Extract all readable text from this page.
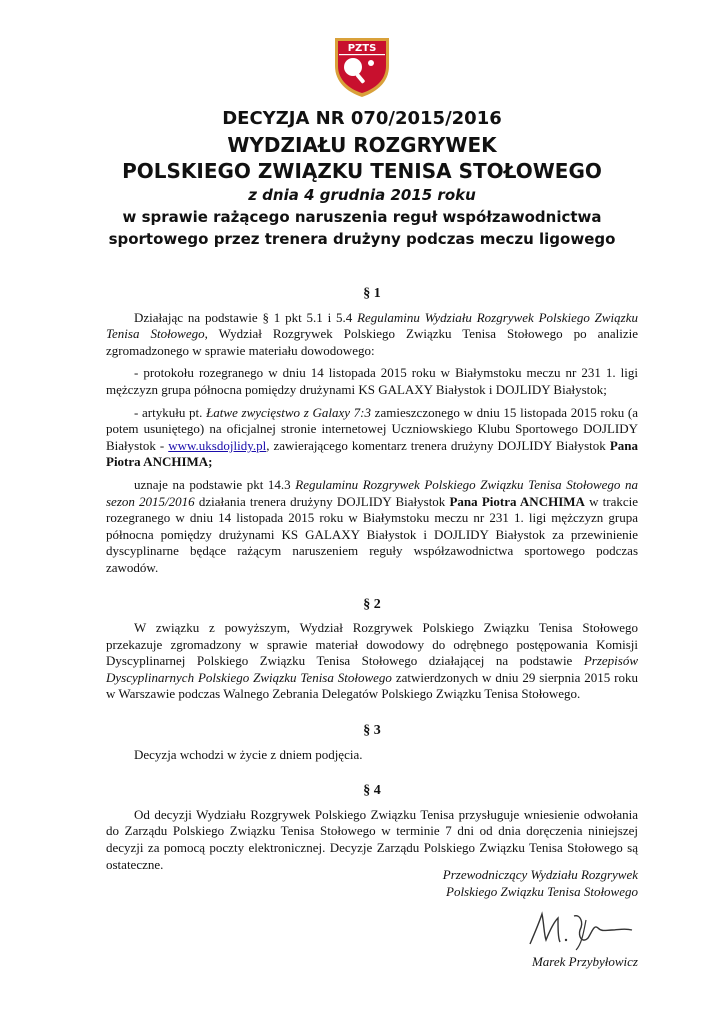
PZTS
DECYZJA NR 070/2015/2016
WYDZIAŁU ROZGRYWEK
POLSKIEGO ZWIĄZKU TENISA STOŁOWEGO
z dnia 4 grudnia 2015 roku
w sprawie rażącego naruszenia reguł współzawodnictwa
sportowego przez trenera drużyny podczas meczu ligowego
§ 1

Działając na podstawie § 1 pkt 5.1 i 5.4 Regulaminu Wydziału Rozgrywek Polskiego Związku Tenisa Stołowego, Wydział Rozgrywek Polskiego Związku Tenisa Stołowego po analizie zgromadzonego w sprawie materiału dowodowego:

- protokołu rozegranego w dniu 14 listopada 2015 roku w Białymstoku meczu nr 231 1. ligi mężczyzn grupa północna pomiędzy drużynami KS GALAXY Białystok i DOJLIDY Białystok;

- artykułu pt. Łatwe zwycięstwo z Galaxy 7:3 zamieszczonego w dniu 15 listopada 2015 roku (a potem usuniętego) na oficjalnej stronie internetowej Uczniowskiego Klubu Sportowego DOJLIDY Białystok - www.uksdojlidy.pl, zawierającego komentarz trenera drużyny DOJLIDY Białystok Pana Piotra ANCHIMA;

uznaje na podstawie pkt 14.3 Regulaminu Rozgrywek Polskiego Związku Tenisa Stołowego na sezon 2015/2016 działania trenera drużyny DOJLIDY Białystok Pana Piotra ANCHIMA w trakcie rozegranego w dniu 14 listopada 2015 roku w Białymstoku meczu nr 231 1. ligi mężczyzn grupa północna pomiędzy drużynami KS GALAXY Białystok i DOJLIDY Białystok za przewinienie dyscyplinarne będące rażącym naruszeniem reguły współzawodnictwa sportowego podczas zawodów.

§ 2

W związku z powyższym, Wydział Rozgrywek Polskiego Związku Tenisa Stołowego przekazuje zgromadzony w sprawie materiał dowodowy do odrębnego postępowania Komisji Dyscyplinarnej Polskiego Związku Tenisa Stołowego działającej na podstawie Przepisów Dyscyplinarnych Polskiego Związku Tenisa Stołowego zatwierdzonych w dniu 29 sierpnia 2015 roku w Warszawie podczas Walnego Zebrania Delegatów Polskiego Związku Tenisa Stołowego.

§ 3

Decyzja wchodzi w życie z dniem podjęcia.

§ 4

Od decyzji Wydziału Rozgrywek Polskiego Związku Tenisa przysługuje wniesienie odwołania do Zarządu Polskiego Związku Tenisa Stołowego w terminie 7 dni od dnia doręczenia niniejszej decyzji za pomocą poczty elektronicznej. Decyzje Zarządu Polskiego Związku Tenisa Stołowego są ostateczne.

Przewodniczący Wydziału Rozgrywek
Polskiego Związku Tenisa Stołowego
Marek Przybyłowicz
